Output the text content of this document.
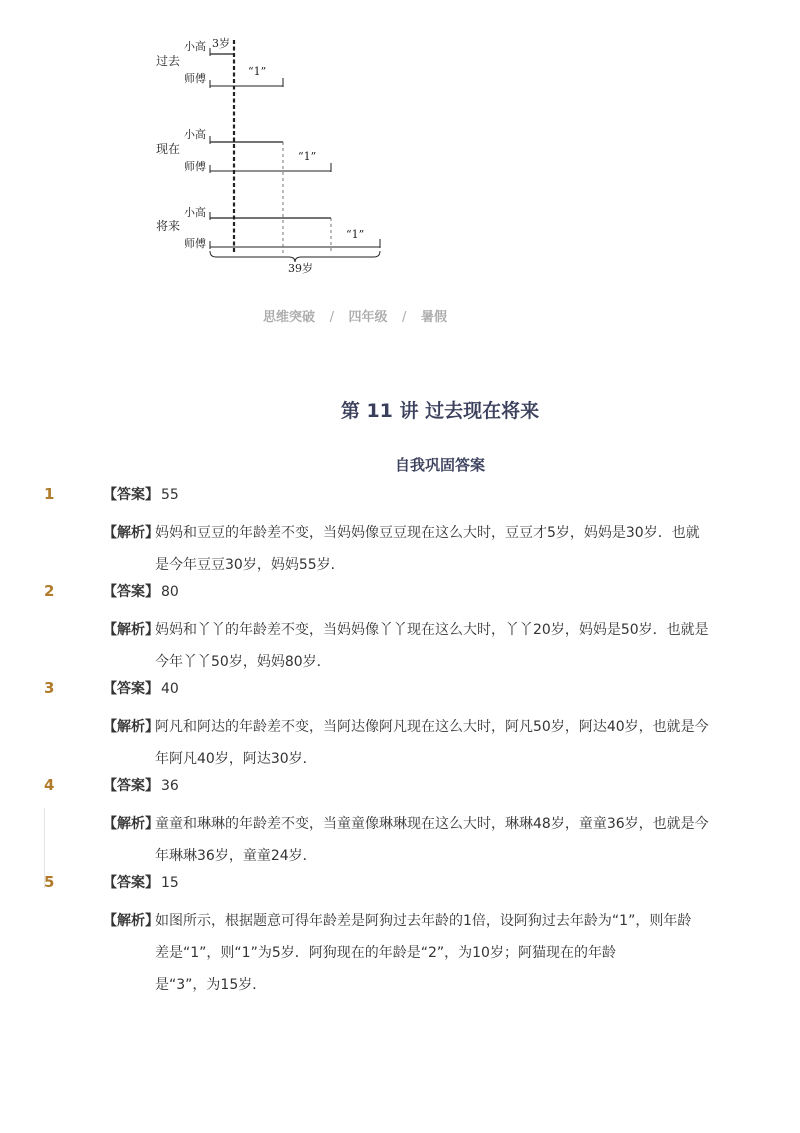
过去
小高
师傅
3岁
“1”
现在
小高
师傅
“1”
将来
小高
师傅
“1”
39岁
思维突破 / 四年级 / 暑假
第 11 讲 过去现在将来
自我巩固答案
1	【答案】 55
【解析】
妈妈和豆豆的年龄差不变，当妈妈像豆豆现在这么大时，豆豆才5岁，妈妈是30岁．也就
是今年豆豆30岁，妈妈55岁．
2	【答案】 80
【解析】
妈妈和丫丫的年龄差不变，当妈妈像丫丫现在这么大时，丫丫20岁，妈妈是50岁．也就是
今年丫丫50岁，妈妈80岁．
3	【答案】 40
【解析】
阿凡和阿达的年龄差不变，当阿达像阿凡现在这么大时，阿凡50岁，阿达40岁，也就是今
年阿凡40岁，阿达30岁．
4	【答案】 36
【解析】
童童和琳琳的年龄差不变，当童童像琳琳现在这么大时，琳琳48岁，童童36岁，也就是今
年琳琳36岁，童童24岁．
5	【答案】 15
【解析】
如图所示，根据题意可得年龄差是阿狗过去年龄的1倍，设阿狗过去年龄为“1”，则年龄
差是“1”，则“1”为5岁．阿狗现在的年龄是“2”，为10岁；阿猫现在的年龄
是“3”，为15岁．
